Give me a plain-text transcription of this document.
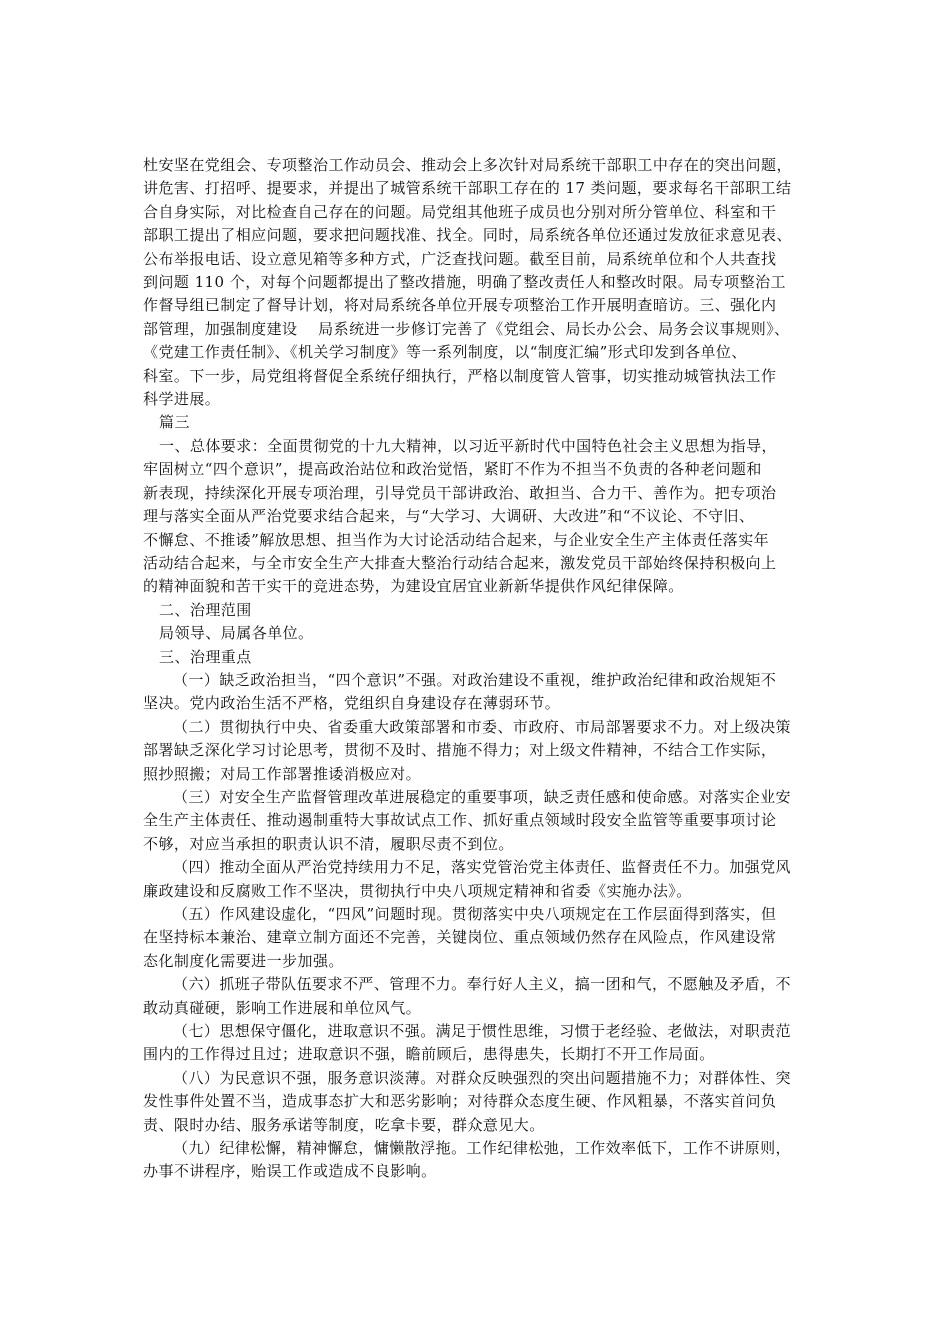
杜安坚在党组会、专项整治工作动员会、推动会上多次针对局系统干部职工中存在的突出问题，
讲危害、打招呼、提要求，并提出了城管系统干部职工存在的 17 类问题，要求每名干部职工结
合自身实际，对比检查自己存在的问题。局党组其他班子成员也分别对所分管单位、科室和干
部职工提出了相应问题，要求把问题找准、找全。同时，局系统各单位还通过发放征求意见表、
公布举报电话、设立意见箱等多种方式，广泛查找问题。截至目前，局系统单位和个人共查找
到问题 110 个，对每个问题都提出了整改措施，明确了整改责任人和整改时限。局专项整治工
作督导组已制定了督导计划，将对局系统各单位开展专项整治工作开展明查暗访。三、强化内
部管理，加强制度建设　 局系统进一步修订完善了《党组会、局长办公会、局务会议事规则》、
《党建工作责任制》、《机关学习制度》等一系列制度，以“制度汇编”形式印发到各单位、
科室。下一步，局党组将督促全系统仔细执行，严格以制度管人管事，切实推动城管执法工作
科学进展。
篇三
一、总体要求：全面贯彻党的十九大精神，以习近平新时代中国特色社会主义思想为指导，
牢固树立“四个意识”，提高政治站位和政治觉悟，紧盯不作为不担当不负责的各种老问题和
新表现，持续深化开展专项治理，引导党员干部讲政治、敢担当、合力干、善作为。把专项治
理与落实全面从严治党要求结合起来，与“大学习、大调研、大改进”和“不议论、不守旧、
不懈怠、不推诿”解放思想、担当作为大讨论活动结合起来，与企业安全生产主体责任落实年
活动结合起来，与全市安全生产大排查大整治行动结合起来，激发党员干部始终保持积极向上
的精神面貌和苦干实干的竞进态势，为建设宜居宜业新新华提供作风纪律保障。
二、治理范围
局领导、局属各单位。
三、治理重点
（一）缺乏政治担当，“四个意识”不强。对政治建设不重视，维护政治纪律和政治规矩不
坚决。党内政治生活不严格，党组织自身建设存在薄弱环节。
（二）贯彻执行中央、省委重大政策部署和市委、市政府、市局部署要求不力。对上级决策
部署缺乏深化学习讨论思考，贯彻不及时、措施不得力；对上级文件精神，不结合工作实际，
照抄照搬；对局工作部署推诿消极应对。
（三）对安全生产监督管理改革进展稳定的重要事项，缺乏责任感和使命感。对落实企业安
全生产主体责任、推动遏制重特大事故试点工作、抓好重点领域时段安全监管等重要事项讨论
不够，对应当承担的职责认识不清，履职尽责不到位。
（四）推动全面从严治党持续用力不足，落实党管治党主体责任、监督责任不力。加强党风
廉政建设和反腐败工作不坚决，贯彻执行中央八项规定精神和省委《实施办法》。
（五）作风建设虚化，“四风”问题时现。贯彻落实中央八项规定在工作层面得到落实，但
在坚持标本兼治、建章立制方面还不完善，关键岗位、重点领域仍然存在风险点，作风建设常
态化制度化需要进一步加强。
（六）抓班子带队伍要求不严、管理不力。奉行好人主义，搞一团和气，不愿触及矛盾，不
敢动真碰硬，影响工作进展和单位风气。
（七）思想保守僵化，进取意识不强。满足于惯性思维，习惯于老经验、老做法，对职责范
围内的工作得过且过；进取意识不强，瞻前顾后，患得患失，长期打不开工作局面。
（八）为民意识不强，服务意识淡薄。对群众反映强烈的突出问题措施不力；对群体性、突
发性事件处置不当，造成事态扩大和恶劣影响；对待群众态度生硬、作风粗暴，不落实首问负
责、限时办结、服务承诺等制度，吃拿卡要，群众意见大。
（九）纪律松懈，精神懈怠，慵懒散浮拖。工作纪律松弛，工作效率低下，工作不讲原则，
办事不讲程序，贻误工作或造成不良影响。
